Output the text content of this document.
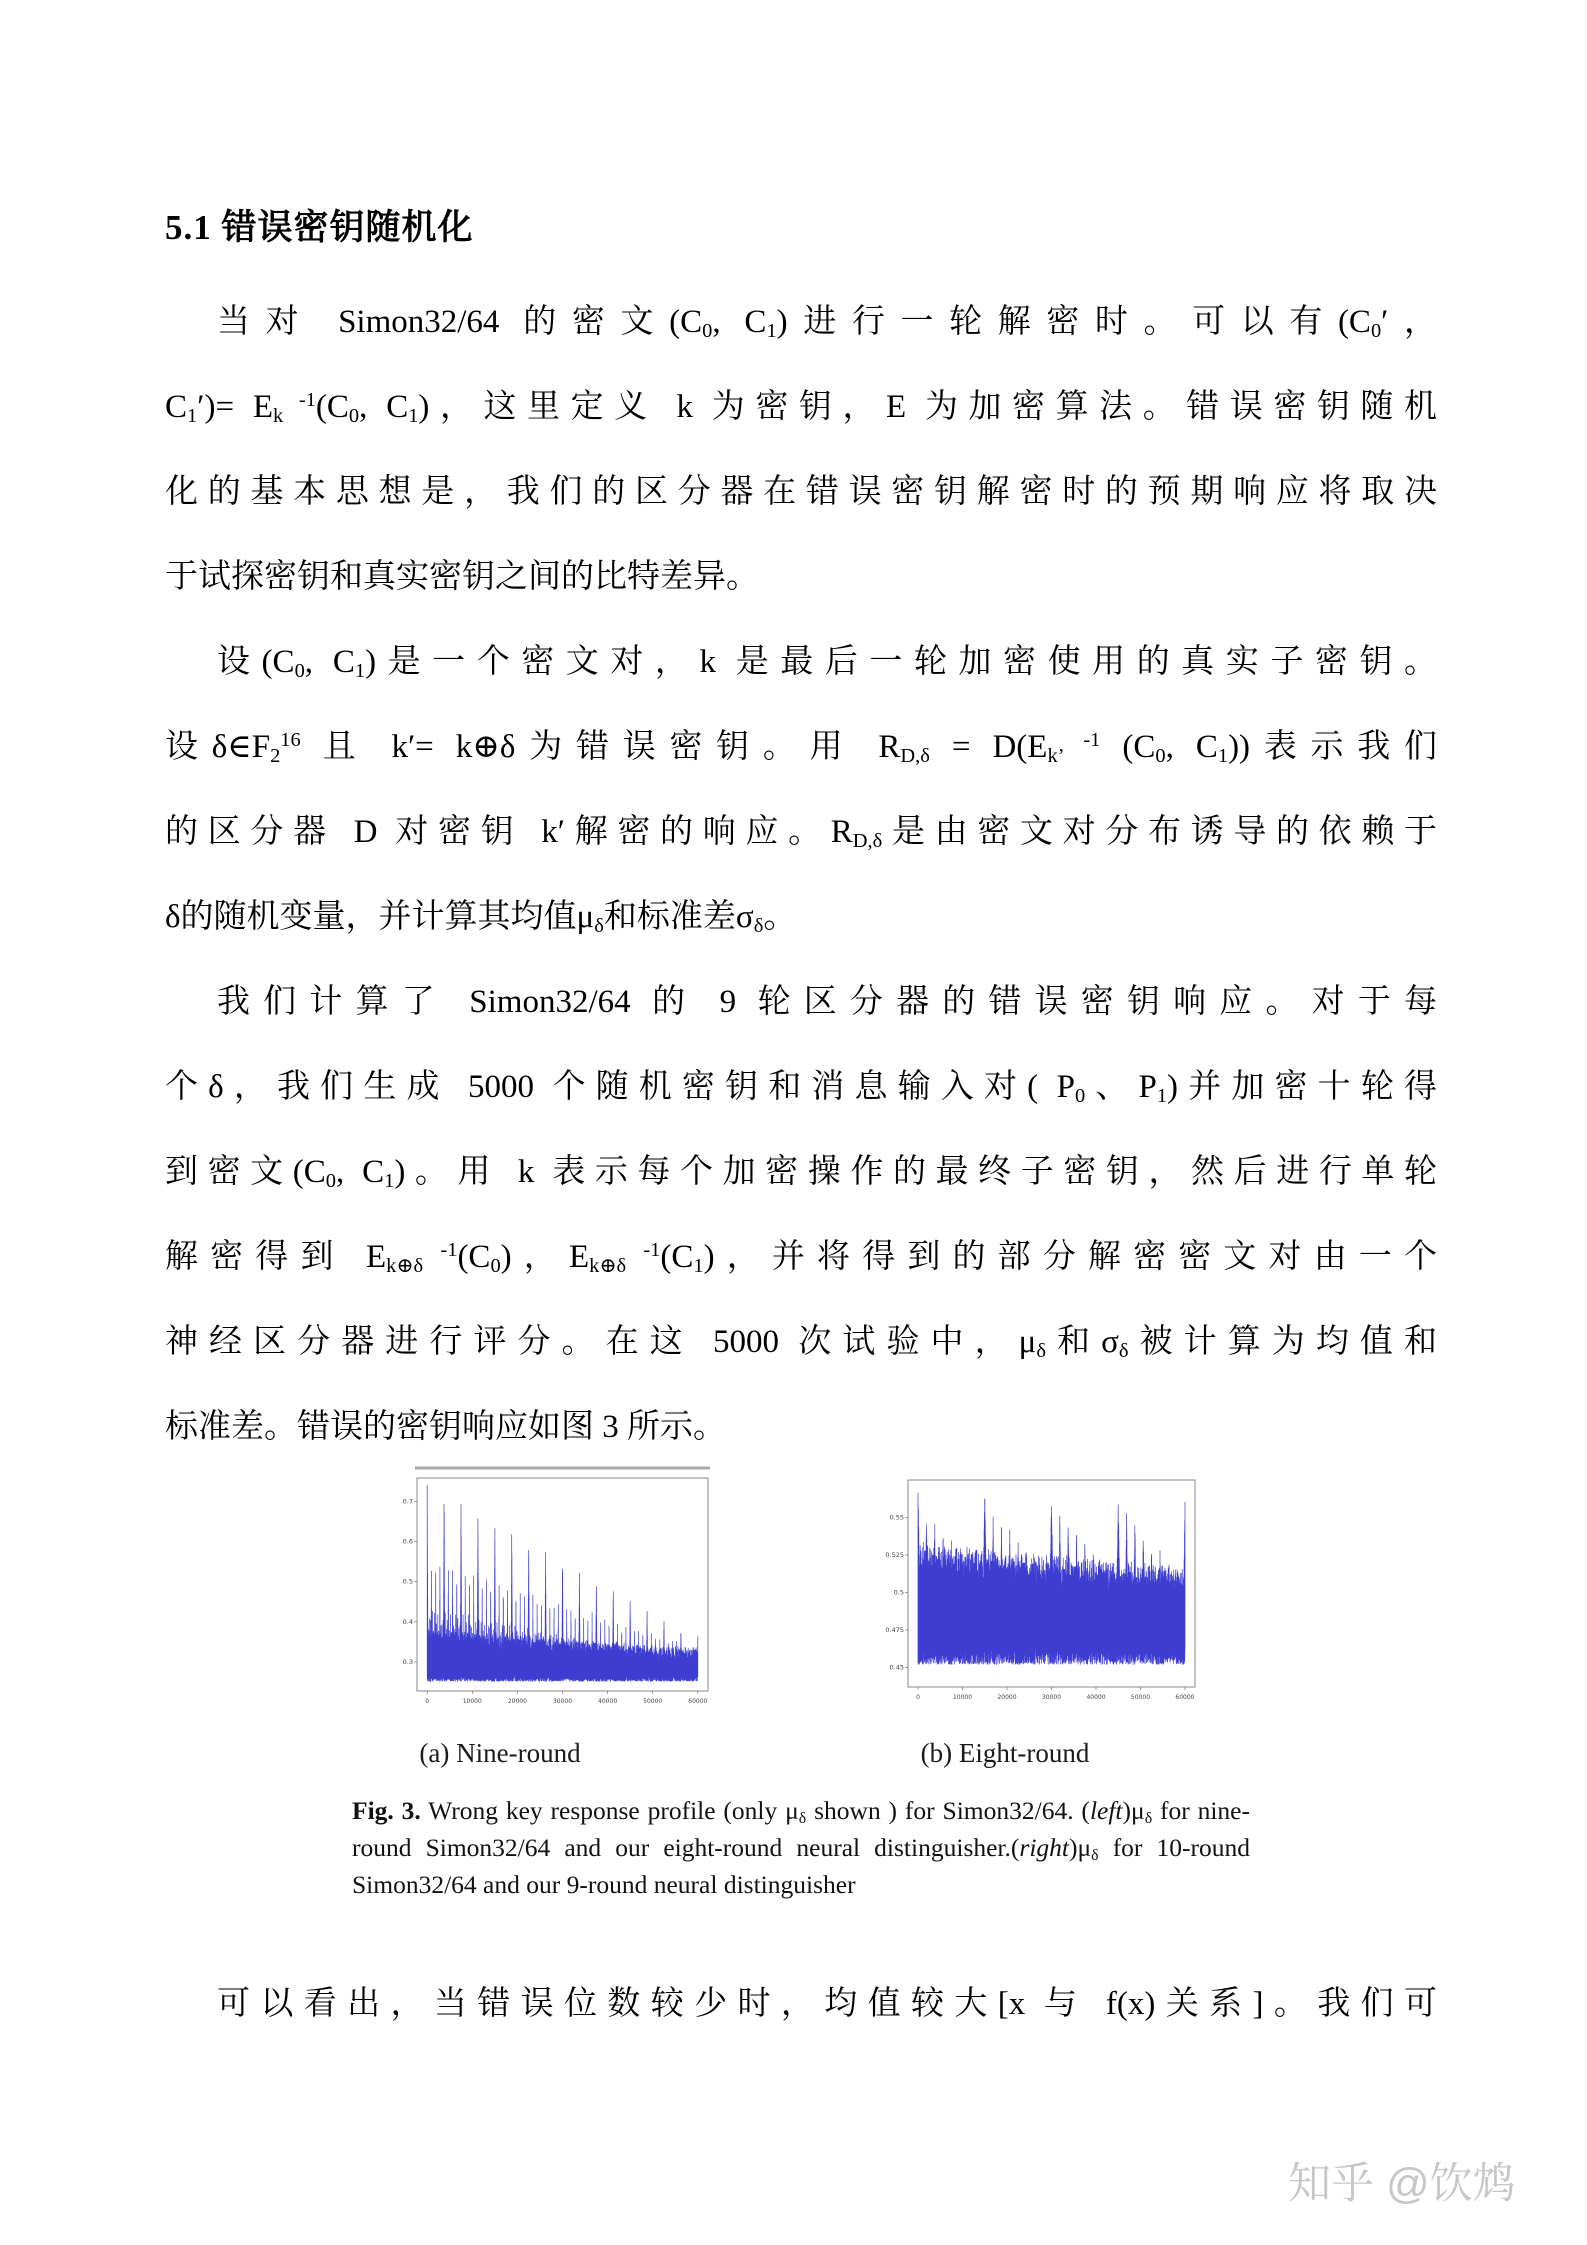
5.1 错误密钥随机化
当对 Simon32/64 的密文($C_0$, $C_1$)进行一轮解密时。可以有($C_0'$，
$C_1')= E_k$ $^{-1}(C_0$, $C_1$)，这里定义 k 为密钥，E 为加密算法。错误密钥随机
化的基本思想是，我们的区分器在错误密钥解密时的预期响应将取决
于试探密钥和真实密钥之间的比特差异。
设($C_0$, $C_1$)是一个密文对，k 是最后一轮加密使用的真实子密钥。
设$\delta\in F_2^{16}$ 且 k′= k⊕δ为错误密钥。用 $R_{D,\delta} = D(E_{k’}$ $^{-1}$ ($C_0$, $C_1$))表示我们
的区分器 D 对密钥 k′解密的响应。$R_{D,\delta}$是由密文对分布诱导的依赖于
δ的随机变量，并计算其均值$\mu_\delta$和标准差$\sigma_\delta$。
我们计算了 Simon32/64 的 9 轮区分器的错误密钥响应。对于每
个δ，我们生成 5000 个随机密钥和消息输入对( $P_0$、$P_1$)并加密十轮得
到密文($C_0$, $C_1$)。用 k 表示每个加密操作的最终子密钥，然后进行单轮
解密得到 $E_{k\oplus\delta}$ $^{-1}(C_0)$，$E_{k\oplus\delta}$ $^{-1}(C_1)$，并将得到的部分解密密文对由一个
神经区分器进行评分。在这 5000 次试验中，$\mu_\delta$和$\sigma_\delta$被计算为均值和
标准差。错误的密钥响应如图 3 所示。
0.7
0.6
0.5
0.4
0.3
0	10000	20000	30000	40000	50000	60000
0.55
0.525
0.5
0.475
0.45
0	10000	20000	30000	40000	50000	60000
(a) Nine-round	(b) Eight-round
Fig. 3. Wrong key response profile (only $\mu_\delta$ shown ) for Simon32/64. $(left)\mu_\delta$ for nine-round Simon32/64 and our eight-round neural $distinguisher.(right)\mu_\delta$ for 10-round Simon32/64 and our 9-round neural distinguisher
可以看出，当错误位数较少时，均值较大[x 与 f(x)关系]。我们可
知乎 @饮鸩
